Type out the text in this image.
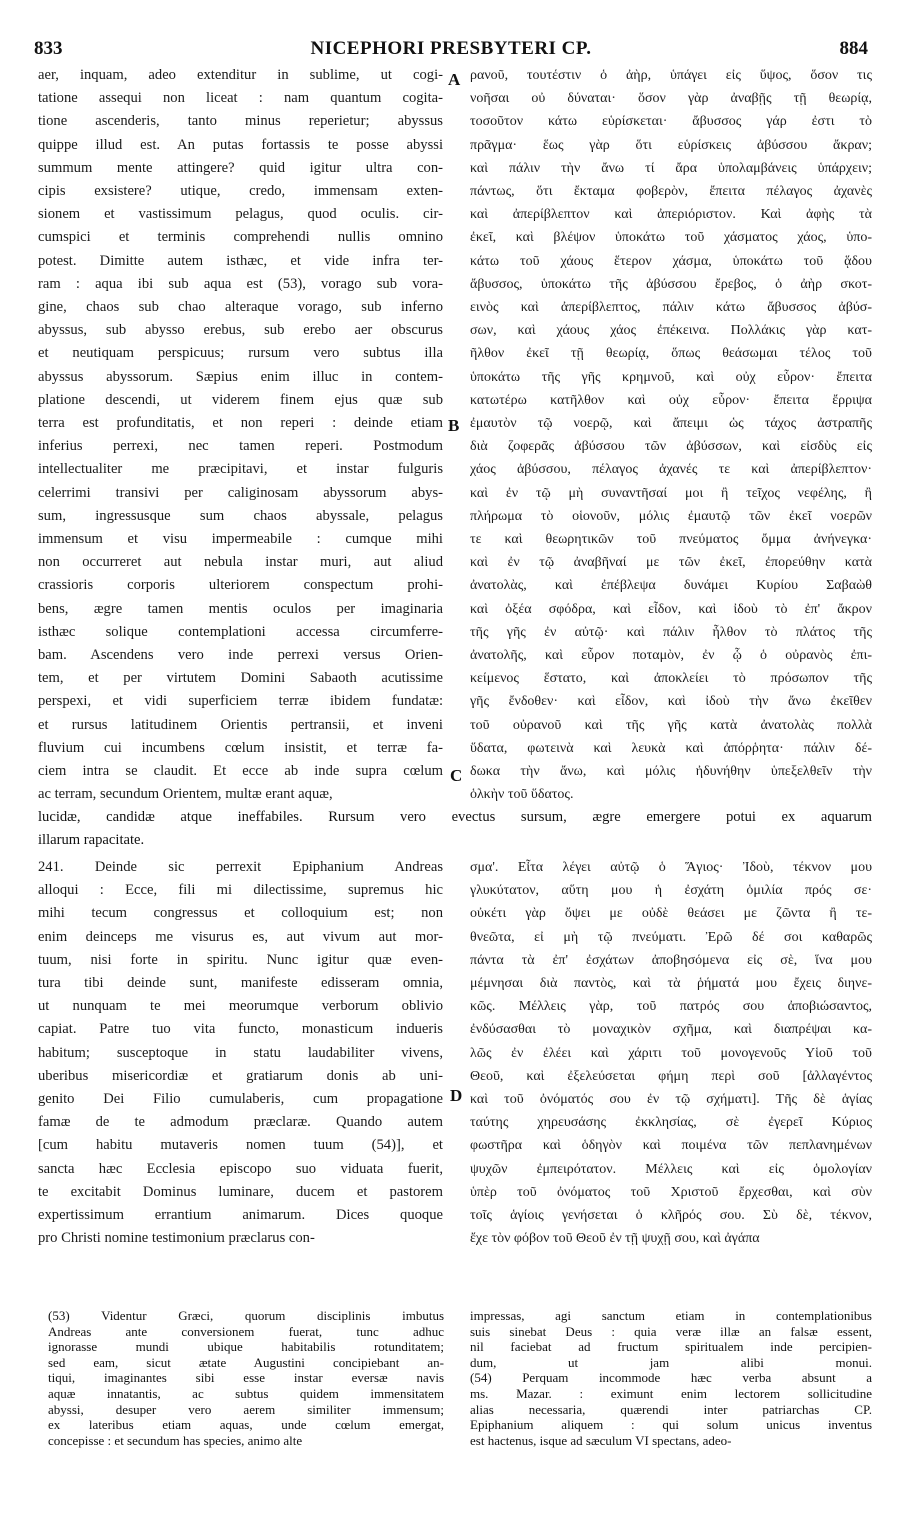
833	NICEPHORI PRESBYTERI CP.	884
A
B
C
D
aer, inquam, adeo extenditur in sublime, ut cogi-
tatione assequi non liceat : nam quantum cogita-
tione ascenderis, tanto minus reperietur; abyssus
quippe illud est. An putas fortassis te posse abyssi
summum mente attingere? quid igitur ultra con-
cipis exsistere? utique, credo, immensam exten-
sionem et vastissimum pelagus, quod oculis. cir-
cumspici et terminis comprehendi nullis omnino
potest. Dimitte autem isthæc, et vide infra ter-
ram : aqua ibi sub aqua est (53), vorago sub vora-
gine, chaos sub chao alteraque vorago, sub inferno
abyssus, sub abysso erebus, sub erebo aer obscurus
et neutiquam perspicuus; rursum vero subtus illa
abyssus abyssorum. Sæpius enim illuc in contem-
platione descendi, ut viderem finem ejus quæ sub
terra est profunditatis, et non reperi : deinde etiam
inferius perrexi, nec tamen reperi. Postmodum
intellectualiter me præcipitavi, et instar fulguris
celerrimi transivi per caliginosam abyssorum abys-
sum, ingressusque sum chaos abyssale, pelagus
immensum et visu impermeabile : cumque mihi
non occurreret aut nebula instar muri, aut aliud
crassioris corporis ulteriorem conspectum prohi-
bens, ægre tamen mentis oculos per imaginaria
isthæc solique contemplationi accessa circumferre-
bam. Ascendens vero inde perrexi versus Orien-
tem, et per virtutem Domini Sabaoth acutissime
perspexi, et vidi superficiem terræ ibidem fundatæ:
et rursus latitudinem Orientis pertransii, et inveni
fluvium cui incumbens cœlum insistit, et terræ fa-
ciem intra se claudit. Et ecce ab inde supra cœlum
ac terram, secundum Orientem, multæ erant aquæ,
ρανοῦ, τουτέστιν ὁ ἀὴρ, ὑπάγει εἰς ὕψος, ὅσον τις
νοῆσαι οὐ δύναται· ὅσον γὰρ ἀναβῇς τῇ θεωρίᾳ,
τοσοῦτον κάτω εὑρίσκεται· ἄβυσσος γάρ ἐστι τὸ
πρᾶγμα· ἕως γὰρ ὅτι εὑρίσκεις ἀβύσσου ἄκραν;
καὶ πάλιν τὴν ἄνω τί ἄρα ὑπολαμβάνεις ὑπάρχειν;
πάντως, ὅτι ἔκταμα φοβερὸν, ἔπειτα πέλαγος ἀχανὲς
καὶ ἀπερίβλεπτον καὶ ἀπεριόριστον. Καὶ ἀφὴς τὰ
ἐκεῖ, καὶ βλέψον ὑποκάτω τοῦ χάσματος χάος, ὑπο-
κάτω τοῦ χάους ἕτερον χάσμα, ὑποκάτω τοῦ ᾅδου
ἄβυσσος, ὑποκάτω τῆς ἀβύσσου ἔρεβος, ὁ ἀὴρ σκοτ-
εινὸς καὶ ἀπερίβλεπτος, πάλιν κάτω ἄβυσσος ἀβύσ-
σων, καὶ χάους χάος ἐπέκεινα. Πολλάκις γὰρ κατ-
ῆλθον ἐκεῖ τῇ θεωρίᾳ, ὅπως θεάσωμαι τέλος τοῦ
ὑποκάτω τῆς γῆς κρημνοῦ, καὶ οὐχ εὗρον· ἔπειτα
κατωτέρω κατῆλθον καὶ οὐχ εὗρον· ἔπειτα ἔρριψα
ἐμαυτὸν τῷ νοερῷ, καὶ ἄπειμι ὡς τάχος ἀστραπῆς
διὰ ζοφερᾶς ἀβύσσου τῶν ἀβύσσων, καὶ εἰσδὺς εἰς
χάος ἀβύσσου, πέλαγος ἀχανές τε καὶ ἀπερίβλεπτον·
καὶ ἐν τῷ μὴ συναντῆσαί μοι ἢ τεῖχος νεφέλης, ἢ
πλήρωμα τὸ οἱονοῦν, μόλις ἐμαυτῷ τῶν ἐκεῖ νοερῶν
τε καὶ θεωρητικῶν τοῦ πνεύματος ὄμμα ἀνήνεγκα·
καὶ ἐν τῷ ἀναβῆναί με τῶν ἐκεῖ, ἐπορεύθην κατὰ
ἀνατολὰς, καὶ ἐπέβλεψα δυνάμει Κυρίου Σαβαὼθ
καὶ ὀξέα σφόδρα, καὶ εἶδον, καὶ ἰδοὺ τὸ ἐπ' ἄκρον
τῆς γῆς ἐν αὐτῷ· καὶ πάλιν ἦλθον τὸ πλάτος τῆς
ἀνατολῆς, καὶ εὗρον ποταμὸν, ἐν ᾧ ὁ οὐρανὸς ἐπι-
κείμενος ἕστατο, καὶ ἀποκλείει τὸ πρόσωπον τῆς
γῆς ἔνδοθεν· καὶ εἶδον, καὶ ἰδοὺ τὴν ἄνω ἐκεῖθεν
τοῦ οὐρανοῦ καὶ τῆς γῆς κατὰ ἀνατολὰς πολλὰ
ὕδατα, φωτεινὰ καὶ λευκὰ καὶ ἀπόρῥητα· πάλιν δέ-
δωκα τὴν ἄνω, καὶ μόλις ἠδυνήθην ὑπεξελθεῖν τὴν
ὁλκὴν τοῦ ὕδατος.
lucidæ, candidæ atque ineffabiles. Rursum vero evectus sursum, ægre emergere potui ex aquarum
illarum rapacitate.
241. Deinde sic perrexit Epiphanium Andreas
alloqui : Ecce, fili mi dilectissime, supremus hic
mihi tecum congressus et colloquium est; non
enim deinceps me visurus es, aut vivum aut mor-
tuum, nisi forte in spiritu. Nunc igitur quæ even-
tura tibi deinde sunt, manifeste edisseram omnia,
ut nunquam te mei meorumque verborum oblivio
capiat. Patre tuo vita functo, monasticum indueris
habitum; susceptoque in statu laudabiliter vivens,
uberibus misericordiæ et gratiarum donis ab uni-
genito Dei Filio cumulaberis, cum propagatione
famæ de te admodum præclaræ. Quando autem
[cum habitu mutaveris nomen tuum (54)], et
sancta hæc Ecclesia episcopo suo viduata fuerit,
te excitabit Dominus luminare, ducem et pastorem
expertissimum errantium animarum. Dices quoque
pro Christi nomine testimonium præclarus con-
σμα'. Εἶτα λέγει αὐτῷ ὁ Ἅγιος· Ἰδοὺ, τέκνον μου
γλυκύτατον, αὕτη μου ἡ ἐσχάτη ὁμιλία πρός σε·
οὐκέτι γὰρ ὄψει με οὐδὲ θεάσει με ζῶντα ἢ τε-
θνεῶτα, εἰ μὴ τῷ πνεύματι. Ἐρῶ δέ σοι καθαρῶς
πάντα τὰ ἐπ' ἐσχάτων ἀποβησόμενα εἰς σὲ, ἵνα μου
μέμνησαι διὰ παντὸς, καὶ τὰ ῥήματά μου ἔχεις διηνε-
κῶς. Μέλλεις γὰρ, τοῦ πατρός σου ἀποβιώσαντος,
ἐνδύσασθαι τὸ μοναχικὸν σχῆμα, καὶ διαπρέψαι κα-
λῶς ἐν ἐλέει καὶ χάριτι τοῦ μονογενοῦς Υἱοῦ τοῦ
Θεοῦ, καὶ ἐξελεύσεται φήμη περὶ σοῦ [ἀλλαγέντος
καὶ τοῦ ὀνόματός σου ἐν τῷ σχήματι]. Τῆς δὲ ἁγίας
ταύτης χηρευσάσης ἐκκλησίας, σὲ ἐγερεῖ Κύριος
φωστῆρα καὶ ὁδηγὸν καὶ ποιμένα τῶν πεπλανημένων
ψυχῶν ἐμπειρότατον. Μέλλεις καὶ εἰς ὁμολογίαν
ὑπὲρ τοῦ ὀνόματος τοῦ Χριστοῦ ἔρχεσθαι, καὶ σὺν
τοῖς ἁγίοις γενήσεται ὁ κλῆρός σου. Σὺ δὲ, τέκνον,
ἔχε τὸν φόβον τοῦ Θεοῦ ἐν τῇ ψυχῇ σου, καὶ ἀγάπα
(53) Videntur Græci, quorum disciplinis imbutus
Andreas ante conversionem fuerat, tunc adhuc
ignorasse mundi ubique habitabilis rotunditatem;
sed eam, sicut ætate Augustini concipiebant an-
tiqui, imaginantes sibi esse instar eversæ navis
aquæ innatantis, ac subtus quidem immensitatem
abyssi, desuper vero aerem similiter immensum;
ex lateribus etiam aquas, unde cœlum emergat,
concepisse : et secundum has species, animo alte
impressas, agi sanctum etiam in contemplationibus
suis sinebat Deus : quia veræ illæ an falsæ essent,
nil faciebat ad fructum spiritualem inde percipien-
dum, ut jam alibi monui.
(54) Perquam incommode hæc verba absunt a
ms. Mazar. : eximunt enim lectorem sollicitudine
alias necessaria, quærendi inter patriarchas CP.
Epiphanium aliquem : qui solum unicus inventus
est hactenus, isque ad sæculum VI spectans, adeo-
